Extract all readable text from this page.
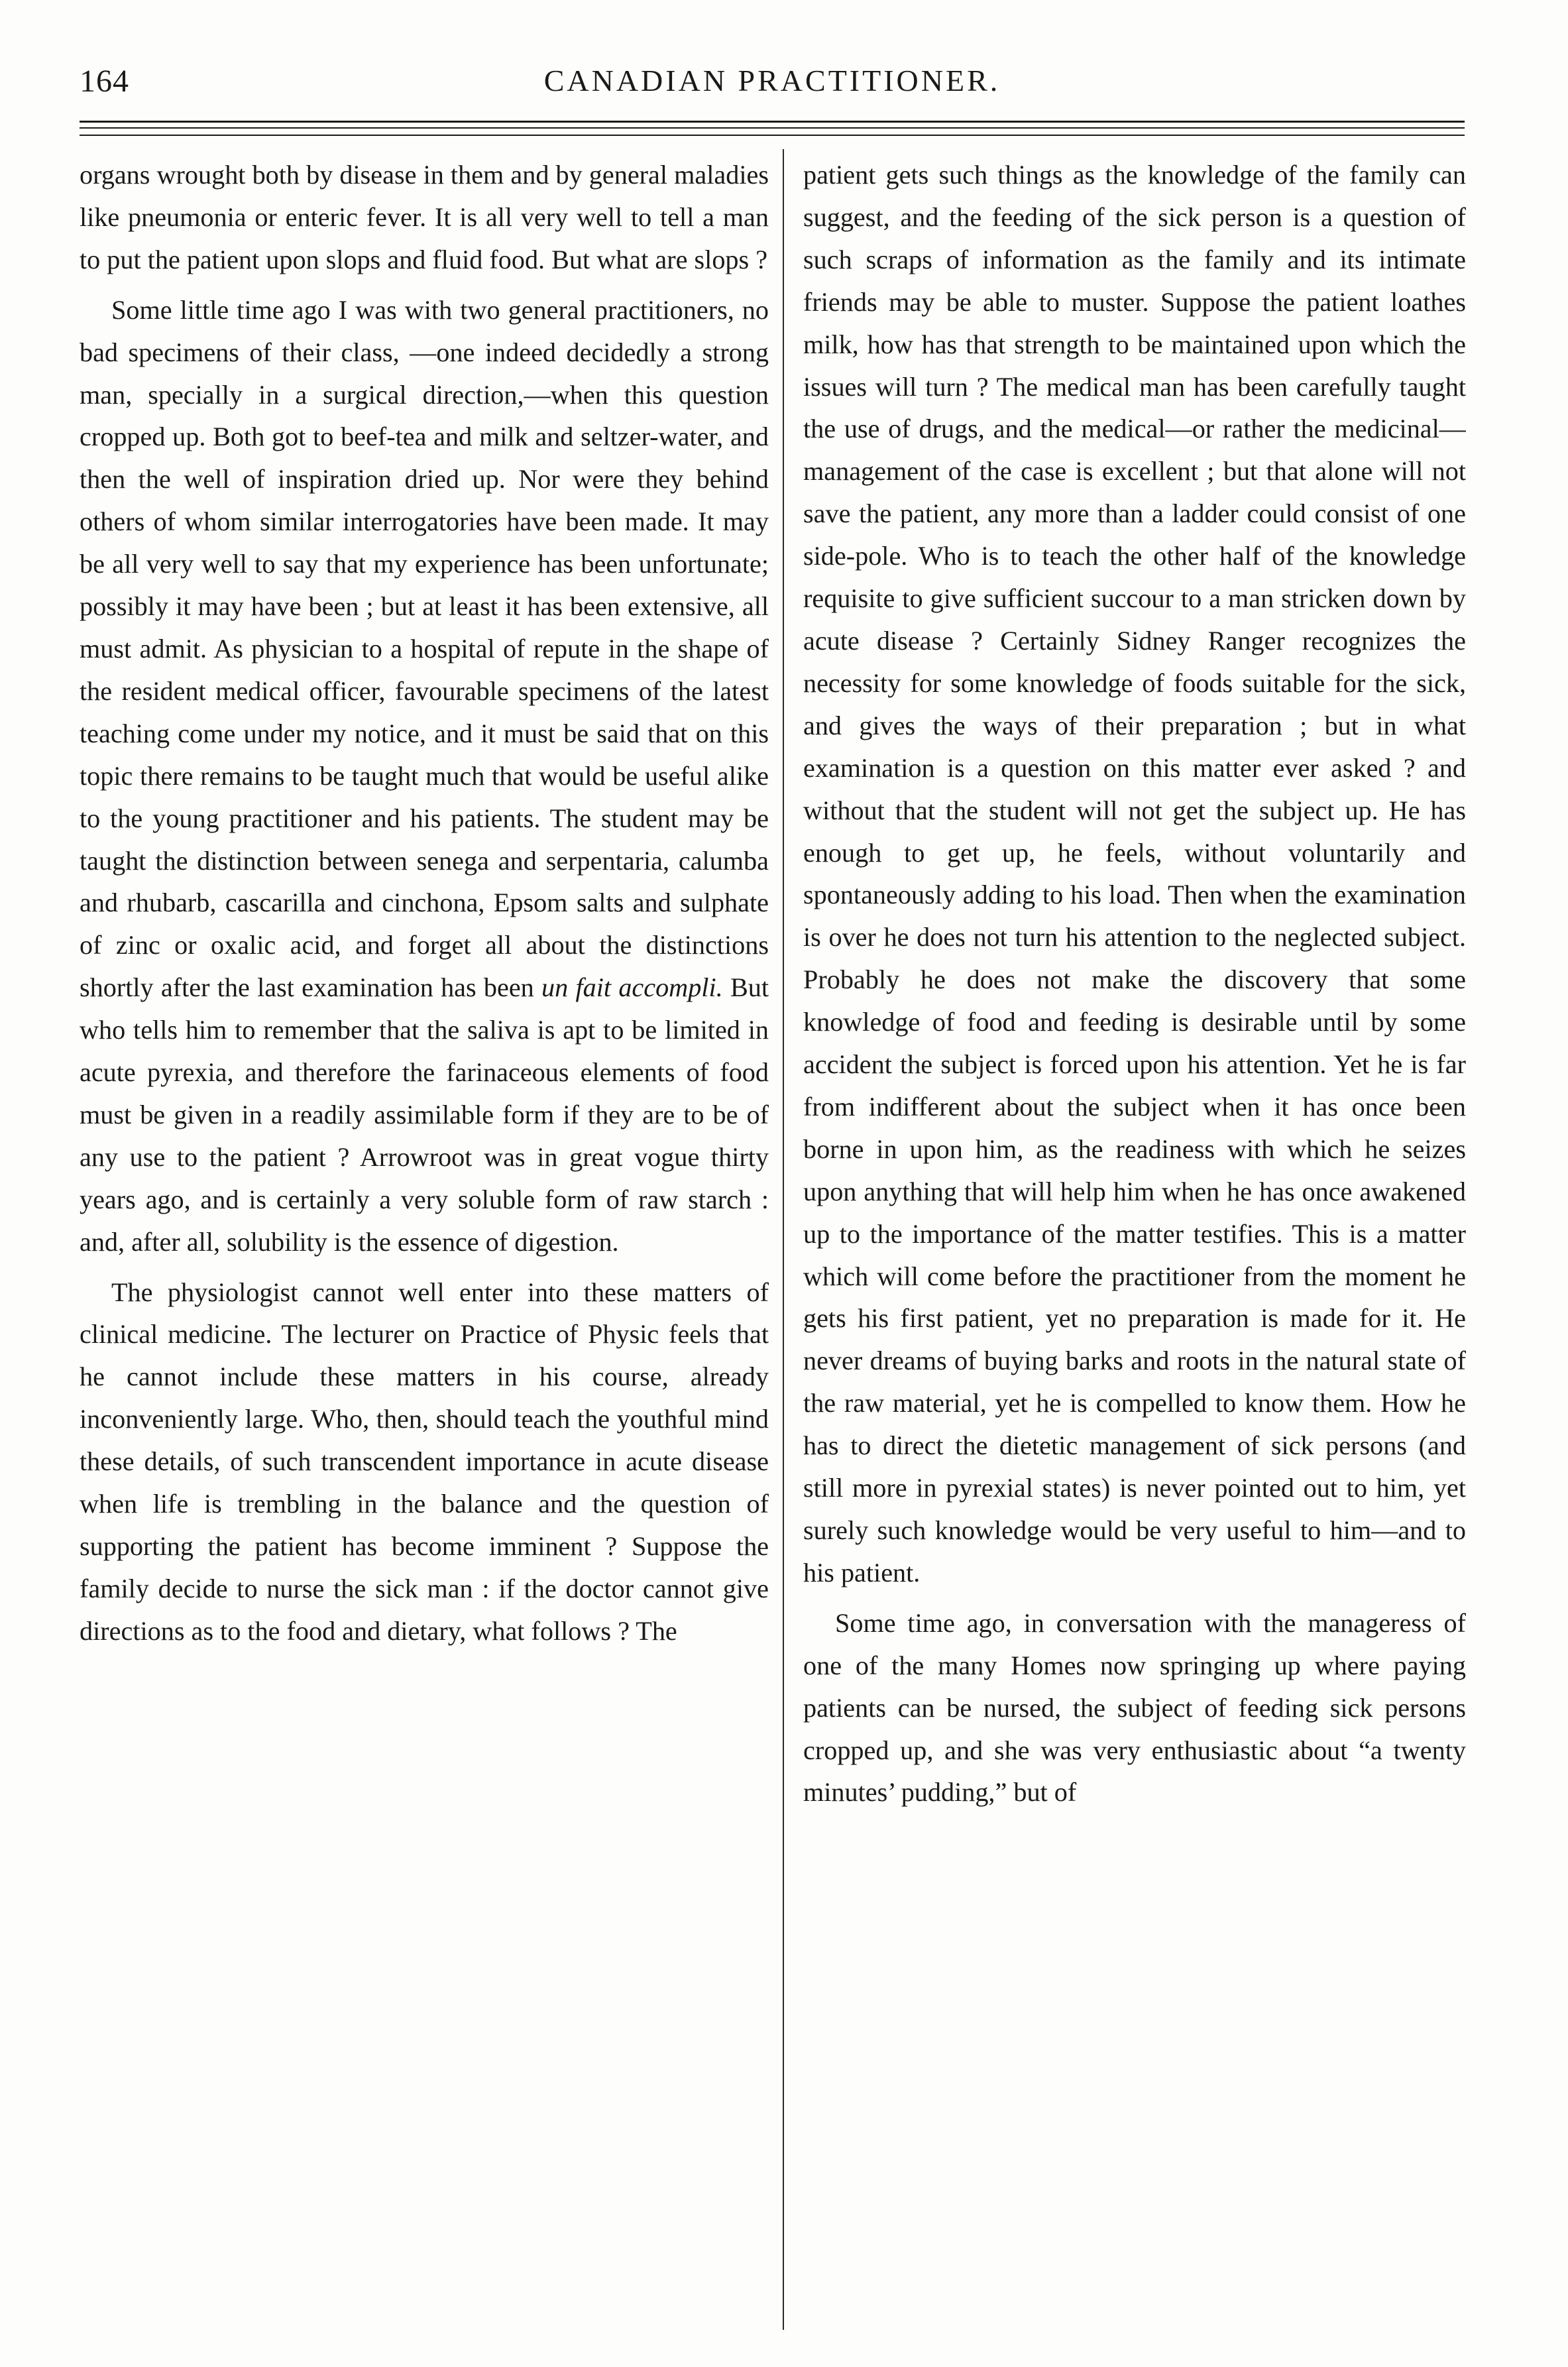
164	CANADIAN PRACTITIONER.

organs wrought both by disease in them and by general maladies like pneumonia or enteric fever. It is all very well to tell a man to put the patient upon slops and fluid food. But what are slops ?

Some little time ago I was with two general practitioners, no bad specimens of their class, —one indeed decidedly a strong man, specially in a surgical direction,—when this question cropped up. Both got to beef-tea and milk and seltzer-water, and then the well of inspiration dried up. Nor were they behind others of whom similar interrogatories have been made. It may be all very well to say that my experience has been unfortunate; possibly it may have been ; but at least it has been extensive, all must admit. As physician to a hospital of repute in the shape of the resident medical officer, favourable specimens of the latest teaching come under my notice, and it must be said that on this topic there remains to be taught much that would be useful alike to the young practitioner and his patients. The student may be taught the distinction between senega and serpentaria, calumba and rhubarb, cascarilla and cinchona, Epsom salts and sulphate of zinc or oxalic acid, and forget all about the distinctions shortly after the last examination has been un fait accompli. But who tells him to remember that the saliva is apt to be limited in acute pyrexia, and therefore the farinaceous elements of food must be given in a readily assimilable form if they are to be of any use to the patient ? Arrowroot was in great vogue thirty years ago, and is certainly a very soluble form of raw starch : and, after all, solubility is the essence of digestion.

The physiologist cannot well enter into these matters of clinical medicine. The lecturer on Practice of Physic feels that he cannot include these matters in his course, already inconveniently large. Who, then, should teach the youthful mind these details, of such transcendent importance in acute disease when life is trembling in the balance and the question of supporting the patient has become imminent ? Suppose the family decide to nurse the sick man : if the doctor cannot give directions as to the food and dietary, what follows ? The

patient gets such things as the knowledge of the family can suggest, and the feeding of the sick person is a question of such scraps of information as the family and its intimate friends may be able to muster. Suppose the patient loathes milk, how has that strength to be maintained upon which the issues will turn ? The medical man has been carefully taught the use of drugs, and the medical—or rather the medicinal—management of the case is excellent ; but that alone will not save the patient, any more than a ladder could consist of one side-pole. Who is to teach the other half of the knowledge requisite to give sufficient succour to a man stricken down by acute disease ? Certainly Sidney Ranger recognizes the necessity for some knowledge of foods suitable for the sick, and gives the ways of their preparation ; but in what examination is a question on this matter ever asked ? and without that the student will not get the subject up. He has enough to get up, he feels, without voluntarily and spontaneously adding to his load. Then when the examination is over he does not turn his attention to the neglected subject. Probably he does not make the discovery that some knowledge of food and feeding is desirable until by some accident the subject is forced upon his attention. Yet he is far from indifferent about the subject when it has once been borne in upon him, as the readiness with which he seizes upon anything that will help him when he has once awakened up to the importance of the matter testifies. This is a matter which will come before the practitioner from the moment he gets his first patient, yet no preparation is made for it. He never dreams of buying barks and roots in the natural state of the raw material, yet he is compelled to know them. How he has to direct the dietetic management of sick persons (and still more in pyrexial states) is never pointed out to him, yet surely such knowledge would be very useful to him—and to his patient.

Some time ago, in conversation with the manageress of one of the many Homes now springing up where paying patients can be nursed, the subject of feeding sick persons cropped up, and she was very enthusiastic about “a twenty minutes’ pudding,” but of
